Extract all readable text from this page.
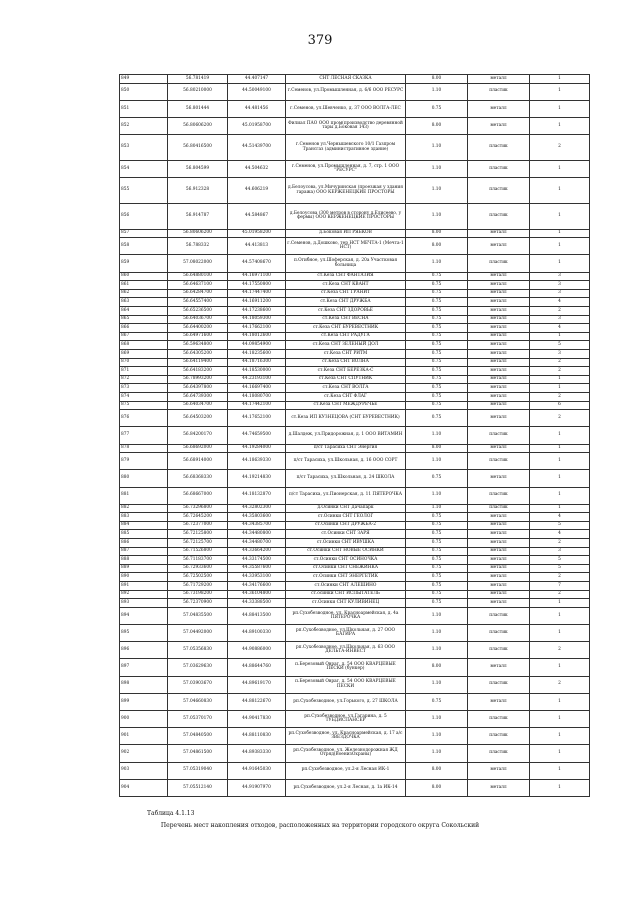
379
849	56.781419	44.407147	СНТ ЛЕСНАЯ СКАЗКА	8.00	металл	1
850	56.80210000	44.50049100	г.Семенов, ул.Промышленная, д. 6/6 ООО РЕСУРС	1.10	пластик	1
851	56.801444	44.481456	г.Семенов, ул.Шевченко, д. 37 ООО ВОЛГА-ЛЕС	0.75	металл	1
852	56.80606200	45.01958700	Филиал ПАО ООО пром(производство деревянной тары д.Боковая 143)	8.00	металл	1
853	56.80416500	44.51439700	г.Семенов ул.Чернышевского 10/1 Газпром Трансгаз (административное здание)	1.10	пластик	2
854	56.804599	44.504632	г.Семенов, ул.Промышленная, д. 7, стр. 1 ООО "РЕСУРС"	1.10	пластик	1
855	56.912328	44.606219	д.Белоусова, ул.Мичуринская (проезжая у здания гаража) ООО КЕРЖЕНЕЦКИЕ ПРОСТОРЫ	1.10	пластик	1
856	56.914787	44.584867	д.Белоусова (300 метров в сторону д.Елисеево, у фермы) ООО КЕРЖЕНЕЦКИЕ ПРОСТОРЫ	1.10	пластик	1
857	56.80606200	45.01958200	д.Боковая ИП РЯБКОВ	8.00	металл	1
858	56.788332	44.413813	г.Семенов, д.Дошково, тер НСТ МЕЧТА-1 (Мечта-1 НСТ)	8.00	металл	1
859	57.08022000	44.57408670	п.Огибное, ул.Шоферская, д. 20а Участковая больница	1.10	пластик	1
860	56.64880100	44.16971100	ст.Кеза СНТ ФАНТАЗИЯ	0.75	металл	3
861	56.64637100	44.17550800	ст.Кеза СНТ КВАНТ	0.75	металл	3
862	56.64284700	44.17447400	ст.Кеза СНТ ГРАНИТ	0.75	металл	3
863	56.64557400	44.16911200	ст.Кеза СНТ ДРУЖБА	0.75	металл	4
864	56.65236500	44.17238600	ст.Кеза СНТ ЗДОРОВЬЕ	0.75	металл	2
865	56.64036700	44.18059300	ст.Кеза СНТ ВЕСНА	0.75	металл	3
866	56.64400200	44.17662100	ст.Кеза СНТ БУРЕВЕСТНИК	0.75	металл	4
867	56.64971600	44.18012600	ст.Кеза СНТ РАДУГА	0.75	металл	1
868	56.59634800	44.09854900	ст.Кеза СНТ ЗЕЛЕНЫЙ ДОЛ	0.75	металл	5
869	56.64305200	44.18235600	ст.Кеза СНТ РИТМ	0.75	металл	3
870	56.64119400	44.18716300	ст.Кеза СНТ ВОЛНА	0.75	металл	2
871	56.64183200	44.18530000	ст.Кеза СНТ БЕРЕЗКА-С	0.75	металл	2
872	56.78993200	44.23193100	ст.Кеза СНТ СПУТНИК	0.75	металл	1
873	56.64397800	44.16697400	ст.Кеза СНТ ВОЛГА	0.75	металл	1
874	56.64739300	44.18080700	ст.Кеза СНТ ФЛАГ	0.75	металл	2
875	56.64034700	44.17442100	ст.Кеза СНТ МЕЖДУРЕЧЬЕ	0.75	металл	6
876	56.64503200	44.17652100	ст.Кеза ИП КУЗНЕЦОВА (СНТ БУРЕВЕСТНИК)	0.75	металл	2
877	56.84200170	44.74659500	д.Шалдеж, ул.Придорожная, д. 1 ООО ВИТАМИН	1.10	пластик	1
878	56.68692000	44.19284000	п/ст Тарасиха СНТ Энергия	8.00	металл	1
879	56.68914000	44.18639330	п/ст Тарасиха, ул.Школьная, д. 16 ООО СОРТ	1.10	пластик	1
880	56.68368330	44.19214830	п/ст Тарасиха, ул.Школьная, д. 24 ШКОЛА	0.75	металл	1
881	56.68667000	44.18132870	п/ст Тарасиха, ул.Пионерская, д. 11 ПЯТЕРОЧКА	1.10	пластик	1
882	56.73296800	44.32802300	д.Осинки СНТ Дачапарк	1.10	пластик	1
883	56.72645200	44.35803600	ст.Осинки СНТ ГЕОЛОГ	0.75	металл	4
884	56.72377000	44.34385700	ст.Осинки СНТ ДРУЖБА-2	0.75	металл	5
885	56.72125800	44.34480800	ст.Осинки СНТ ЗАРЯ	0.75	металл	4
886	56.72125700	44.34480700	ст.Осинки СНТ ИВУШКА	0.75	металл	2
887	56.71526800	44.33664200	ст.Осинки СНТ НОВЫЕ ОСИНКИ	0.75	металл	3
888	56.71183700	44.33174500	ст.Осинки СНТ ОСИНОЧКА	0.75	металл	5
889	56.72933600	44.35587600	ст.Осинки СНТ СНЕЖИНКА	0.75	металл	5
890	56.72502500	44.33953100	ст.Осинки СНТ ЭНЕРГЕТИК	0.75	металл	2
891	56.71729200	44.34176600	ст.Осинки СНТ АЛЕШИНО	0.75	металл	7
892	56.73198200	44.36104800	ст.осинки СНТ ИСПЫТАТЕЛЬ	0.75	металл	2
893	56.72370900	44.33388500	ст.Осинки СНТ КУЛИВИНЕЦ	0.75	металл	1
894	57.04835500	44.88413500	рп.Сухобезводное, ул. Красноармейская, д. 4а ПЯТЕРОЧКА	1.10	пластик	1
895	57.04492000	44.89100330	рп.Сухобезводное, ул.Школьная, д. 27 ООО БАГИРА	1.10	пластик	1
896	57.05356830	44.90886000	рп.Сухобезводное, ул.Школьная, д. 63 ООО ДЕЛЬТА-ИНВЕСТ	1.10	пластик	2
897	57.03629630	44.88644760	п.Березовый Овраг, д. 54 ООО КВАРЦЕВЫЕ ПЕСКИ (бункер)	8.00	металл	1
898	57.03903670	44.89619170	п.Березовый Овраг, д. 54 ООО КВАРЦЕВЫЕ ПЕСКИ	1.10	пластик	2
899	57.04660830	44.88122670	рп.Сухобезводное, ул.Горького, д. 27 ШКОЛА	0.75	металл	1
900	57.05370170	44.90417830	рп.Сухобезводное, ул.Гагарина, д. 5 ТУБДИСПАНСЕР	1.10	пластик	1
901	57.04840500	44.88110830	рп.Сухобезводное, ул. Красноармейская, д. 17 а/с ЗВЕЗДОЧКА	1.10	пластик	1
902	57.04861500	44.89383330	рп.Сухобезводное, ул. Железнодорожная ЖД Отряд(ВоенизОхраны)	1.10	пластик	1
903	57.05319040	44.91645030	рп.Сухобезводное, ул.2-я Лесная ИК-1	8.00	металл	1
904	57.05512140	44.91907970	рп.Сухобезводное, ул.2-я Лесная, д. 1а ИК-14	8.00	металл	1
Таблица 4.1.13
Перечень мест накопления отходов, расположенных на территории городского округа Сокольский
